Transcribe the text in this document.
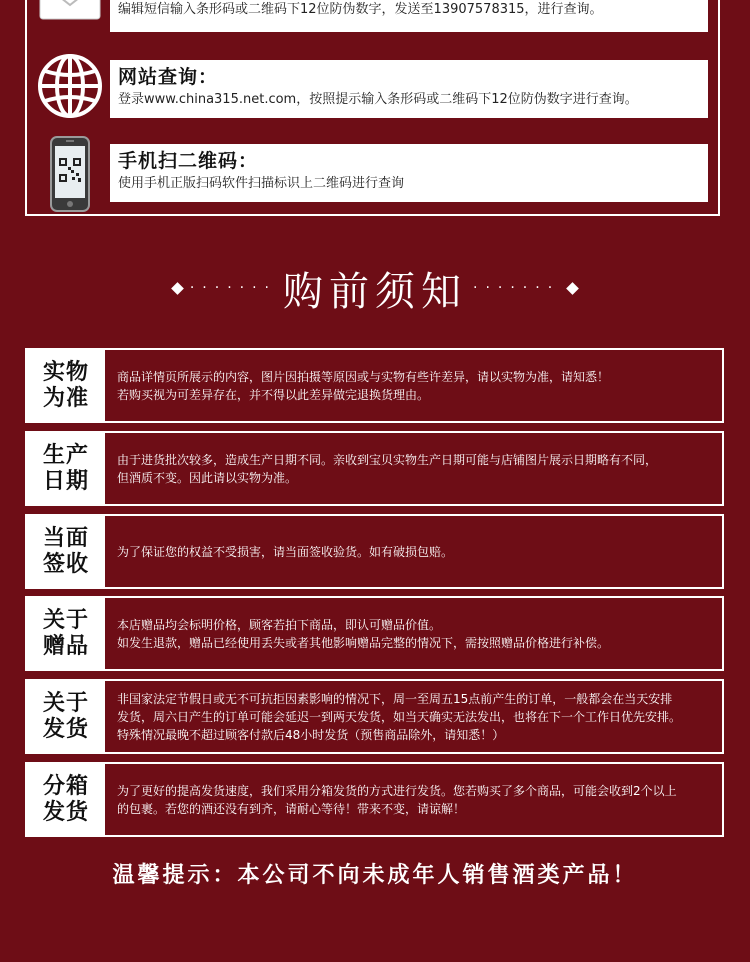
编辑短信输入条形码或二维码下12位防伪数字，发送至13907578315，进行查询。
网站查询：
登录www.china315.net.com，按照提示输入条形码或二维码下12位防伪数字进行查询。
手机扫二维码：
使用手机正版扫码软件扫描标识上二维码进行查询
······· 购前须知 ·······
实物为准
商品详情页所展示的内容，图片因拍摄等原因或与实物有些许差异，请以实物为准，请知悉！
若购买视为可差异存在，并不得以此差异做完退换货理由。
生产日期
由于进货批次较多，造成生产日期不同。亲收到宝贝实物生产日期可能与店铺图片展示日期略有不同，
但酒质不变。因此请以实物为准。
当面签收 为了保证您的权益不受损害，请当面签收验货。如有破损包赔。
关于赠品
本店赠品均会标明价格，顾客若拍下商品，即认可赠品价值。
如发生退款，赠品已经使用丢失或者其他影响赠品完整的情况下，需按照赠品价格进行补偿。
关于发货
非国家法定节假日或无不可抗拒因素影响的情况下，周一至周五15点前产生的订单，一般都会在当天安排
发货，周六日产生的订单可能会延迟一到两天发货，如当天确实无法发出，也将在下一个工作日优先安排。
特殊情况最晚不超过顾客付款后48小时发货（预售商品除外，请知悉！）
分箱发货
为了更好的提高发货速度，我们采用分箱发货的方式进行发货。您若购买了多个商品，可能会收到2个以上
的包裹。若您的酒还没有到齐，请耐心等待！带来不变，请谅解！
温馨提示：本公司不向未成年人销售酒类产品！
